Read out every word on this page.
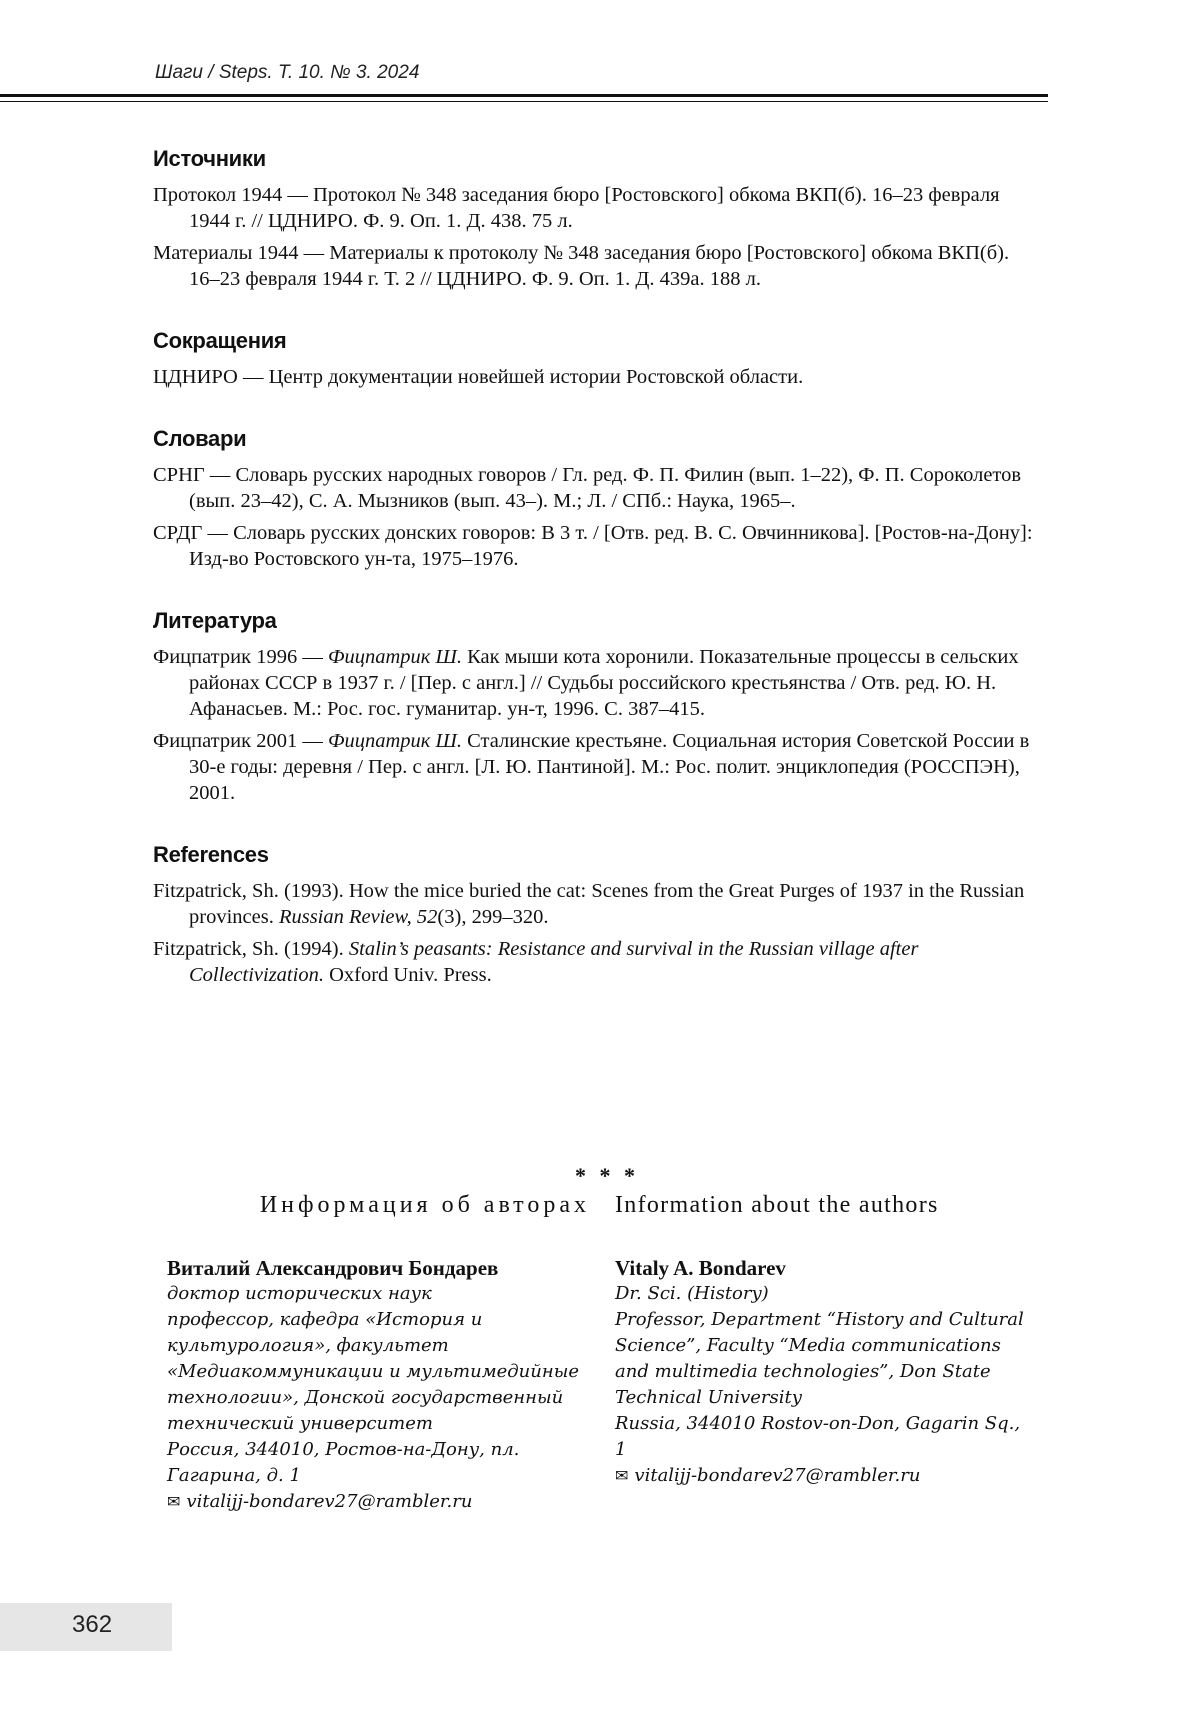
Шаги / Steps. Т. 10. № 3. 2024
Источники

Протокол 1944 — Протокол № 348 заседания бюро [Ростовского] обкома ВКП(б). 16–23 февраля 1944 г. // ЦДНИРО. Ф. 9. Оп. 1. Д. 438. 75 л.

Материалы 1944 — Материалы к протоколу № 348 заседания бюро [Ростовского] обкома ВКП(б). 16–23 февраля 1944 г. Т. 2 // ЦДНИРО. Ф. 9. Оп. 1. Д. 439а. 188 л.

Сокращения

ЦДНИРО — Центр документации новейшей истории Ростовской области.

Словари

СРНГ — Словарь русских народных говоров / Гл. ред. Ф. П. Филин (вып. 1–22), Ф. П. Сороколетов (вып. 23–42), С. А. Мызников (вып. 43–). М.; Л. / СПб.: Наука, 1965–.

СРДГ — Словарь русских донских говоров: В 3 т. / [Отв. ред. В. С. Овчинникова]. [Ростов-на-Дону]: Изд-во Ростовского ун-та, 1975–1976.

Литература

Фицпатрик 1996 — Фицпатрик Ш. Как мыши кота хоронили. Показательные процессы в сельских районах СССР в 1937 г. / [Пер. с англ.] // Судьбы российского крестьянства / Отв. ред. Ю. Н. Афанасьев. М.: Рос. гос. гуманитар. ун-т, 1996. С. 387–415.

Фицпатрик 2001 — Фицпатрик Ш. Сталинские крестьяне. Социальная история Советской России в 30-е годы: деревня / Пер. с англ. [Л. Ю. Пантиной]. М.: Рос. полит. энциклопедия (РОССПЭН), 2001.

References

Fitzpatrick, Sh. (1993). How the mice buried the cat: Scenes from the Great Purges of 1937 in the Russian provinces. Russian Review, 52(3), 299–320.

Fitzpatrick, Sh. (1994). Stalin’s peasants: Resistance and survival in the Russian village after Collectivization. Oxford Univ. Press.

* * *
Информация об авторах Information about the authors
Виталий Александрович Бондарев
доктор исторических наук
профессор, кафедра «История и культурология», факультет «Медиакоммуникации и мультимедийные технологии», Донской государственный технический университет
Россия, 344010, Ростов-на-Дону, пл. Гагарина, д. 1
✉ vitalijj-bondarev27@rambler.ru
Vitaly A. Bondarev
Dr. Sci. (History)
Professor, Department “History and Cultural Science”, Faculty “Media communications and multimedia technologies”, Don State Technical University
Russia, 344010 Rostov-on-Don, Gagarin Sq., 1
✉ vitalijj-bondarev27@rambler.ru
362
